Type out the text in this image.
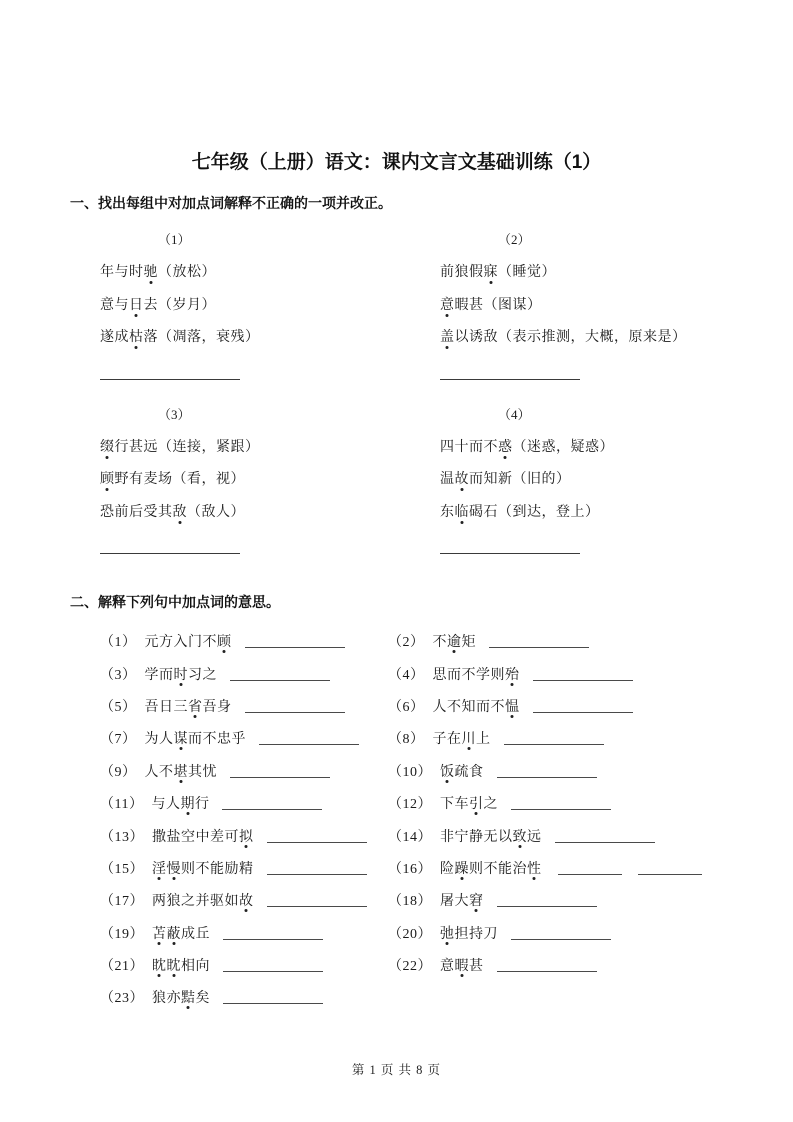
七年级（上册）语文：课内文言文基础训练（1）
一、找出每组中对加点词解释不正确的一项并改正。
（1）
年 与 时 驰 （ 放 松 ）
意 与 日 去 （ 岁 月 ）
遂 成 枯 落 （ 凋 落 ， 衰 残 ）
（2）
前 狼 假 寐 （ 睡 觉 ）
意 暇 甚 （ 图 谋 ）
盖 以 诱 敌 （ 表 示 推 测 ， 大 概 ， 原 来 是 ）
（3）
缀 行 甚 远 （ 连 接 ， 紧 跟 ）
顾 野 有 麦 场 （ 看 ， 视 ）
恐 前 后 受 其 敌 （ 敌 人 ）
（4）
四 十 而 不 惑 （ 迷 惑 ， 疑 惑 ）
温 故 而 知 新 （ 旧 的 ）
东 临 碣 石 （ 到 达 ， 登 上 ）
二、解释下列句中加点词的意思。
（1） 元方入门不顾	（2） 不逾矩
（3） 学而时习之	（4） 思而不学则殆
（5） 吾日三省吾身	（6） 人不知而不愠
（7） 为人谋而不忠乎	（8） 子在川上
（9） 人不堪其忧	（10） 饭疏食
（11） 与人期行	（12） 下车引之
（13） 撒盐空中差可拟	（14） 非宁静无以致远
（15） 淫慢则不能励精	（16） 险躁则不能治性
（17） 两狼之并驱如故	（18） 屠大窘
（19） 苫蔽成丘	（20） 弛担持刀
（21） 眈眈相向	（22） 意暇甚
（23） 狼亦黠矣
第 1 页 共 8 页
